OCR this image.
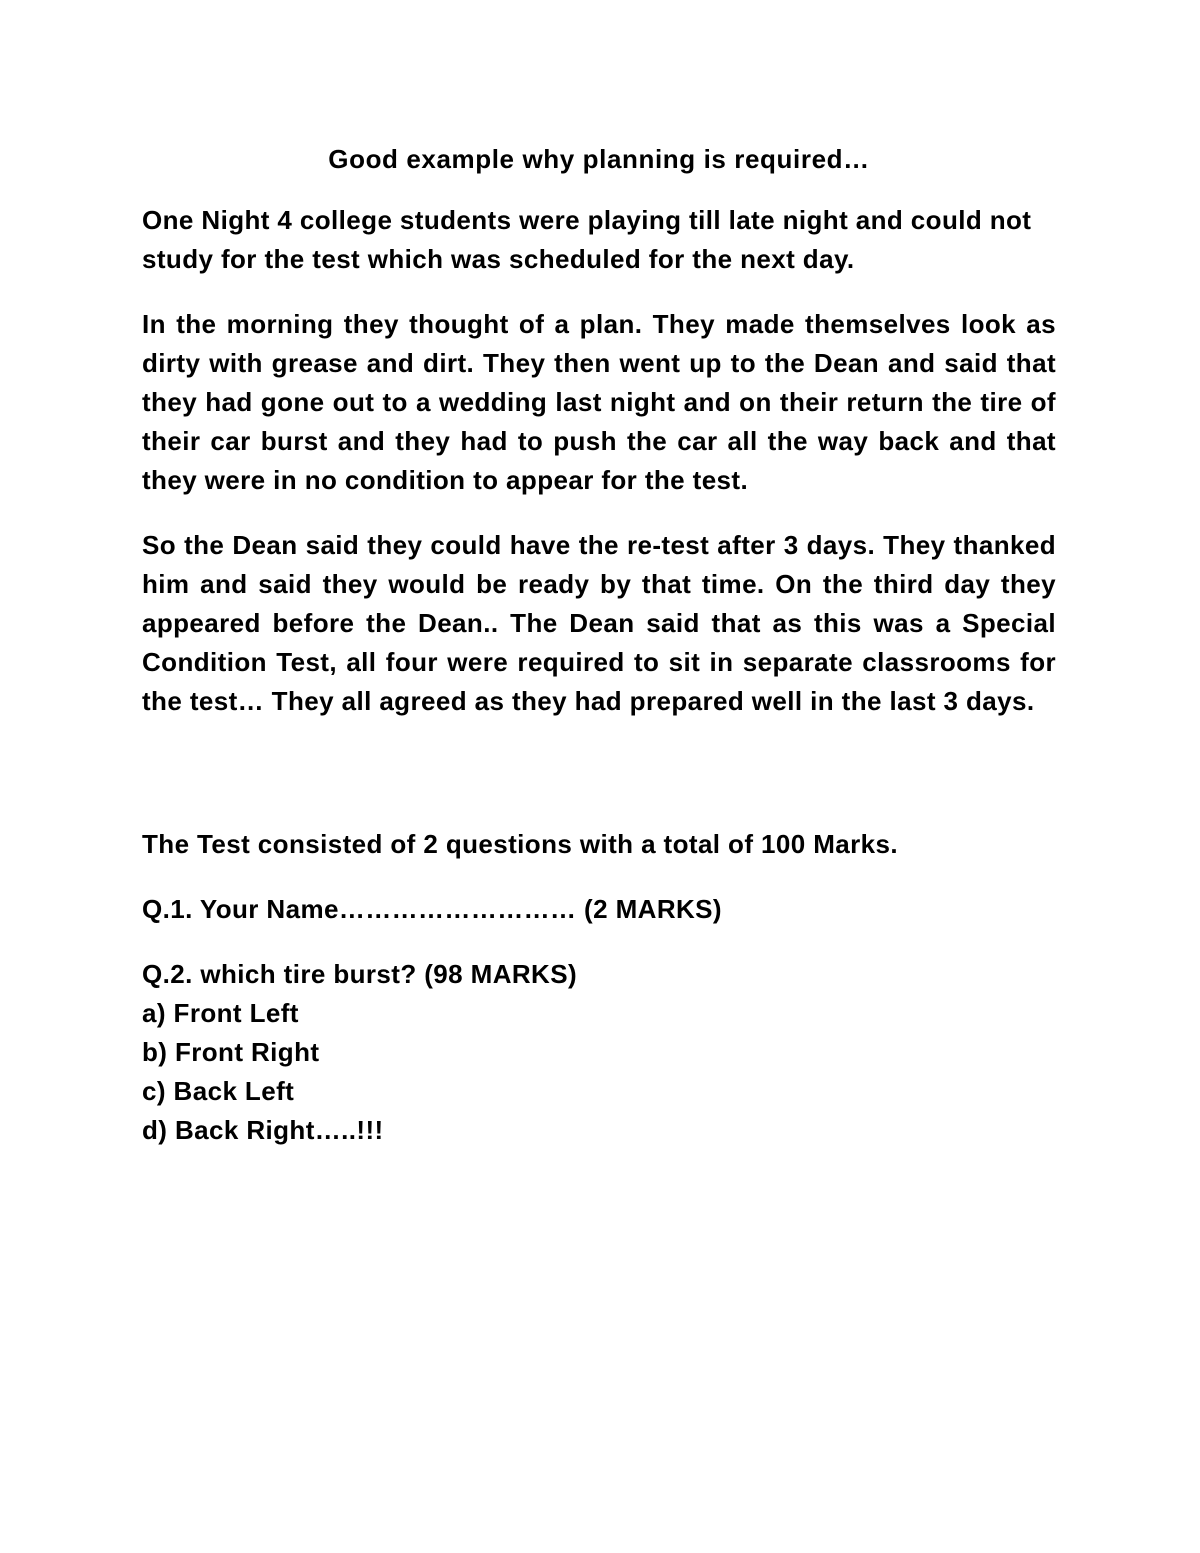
Good example why planning is required…
One Night 4 college students were playing till late night and could not study for the test which was scheduled for the next day.
In the morning they thought of a plan. They made themselves look as dirty with grease and dirt. They then went up to the Dean and said that they had gone out to a wedding last night and on their return the tire of their car burst and they had to push the car all the way back and that they were in no condition to appear for the test.
So the Dean said they could have the re-test after 3 days. They thanked him and said they would be ready by that time. On the third day they appeared before the Dean.. The Dean said that as this was a Special Condition Test, all four were required to sit in separate classrooms for the test… They all agreed as they had prepared well in the last 3 days.
The Test consisted of 2 questions with a total of 100 Marks.
Q.1. Your Name……………………… (2 MARKS)
Q.2. which tire burst? (98 MARKS)
a) Front Left
b) Front Right
c) Back Left
d) Back Right…..!!!
